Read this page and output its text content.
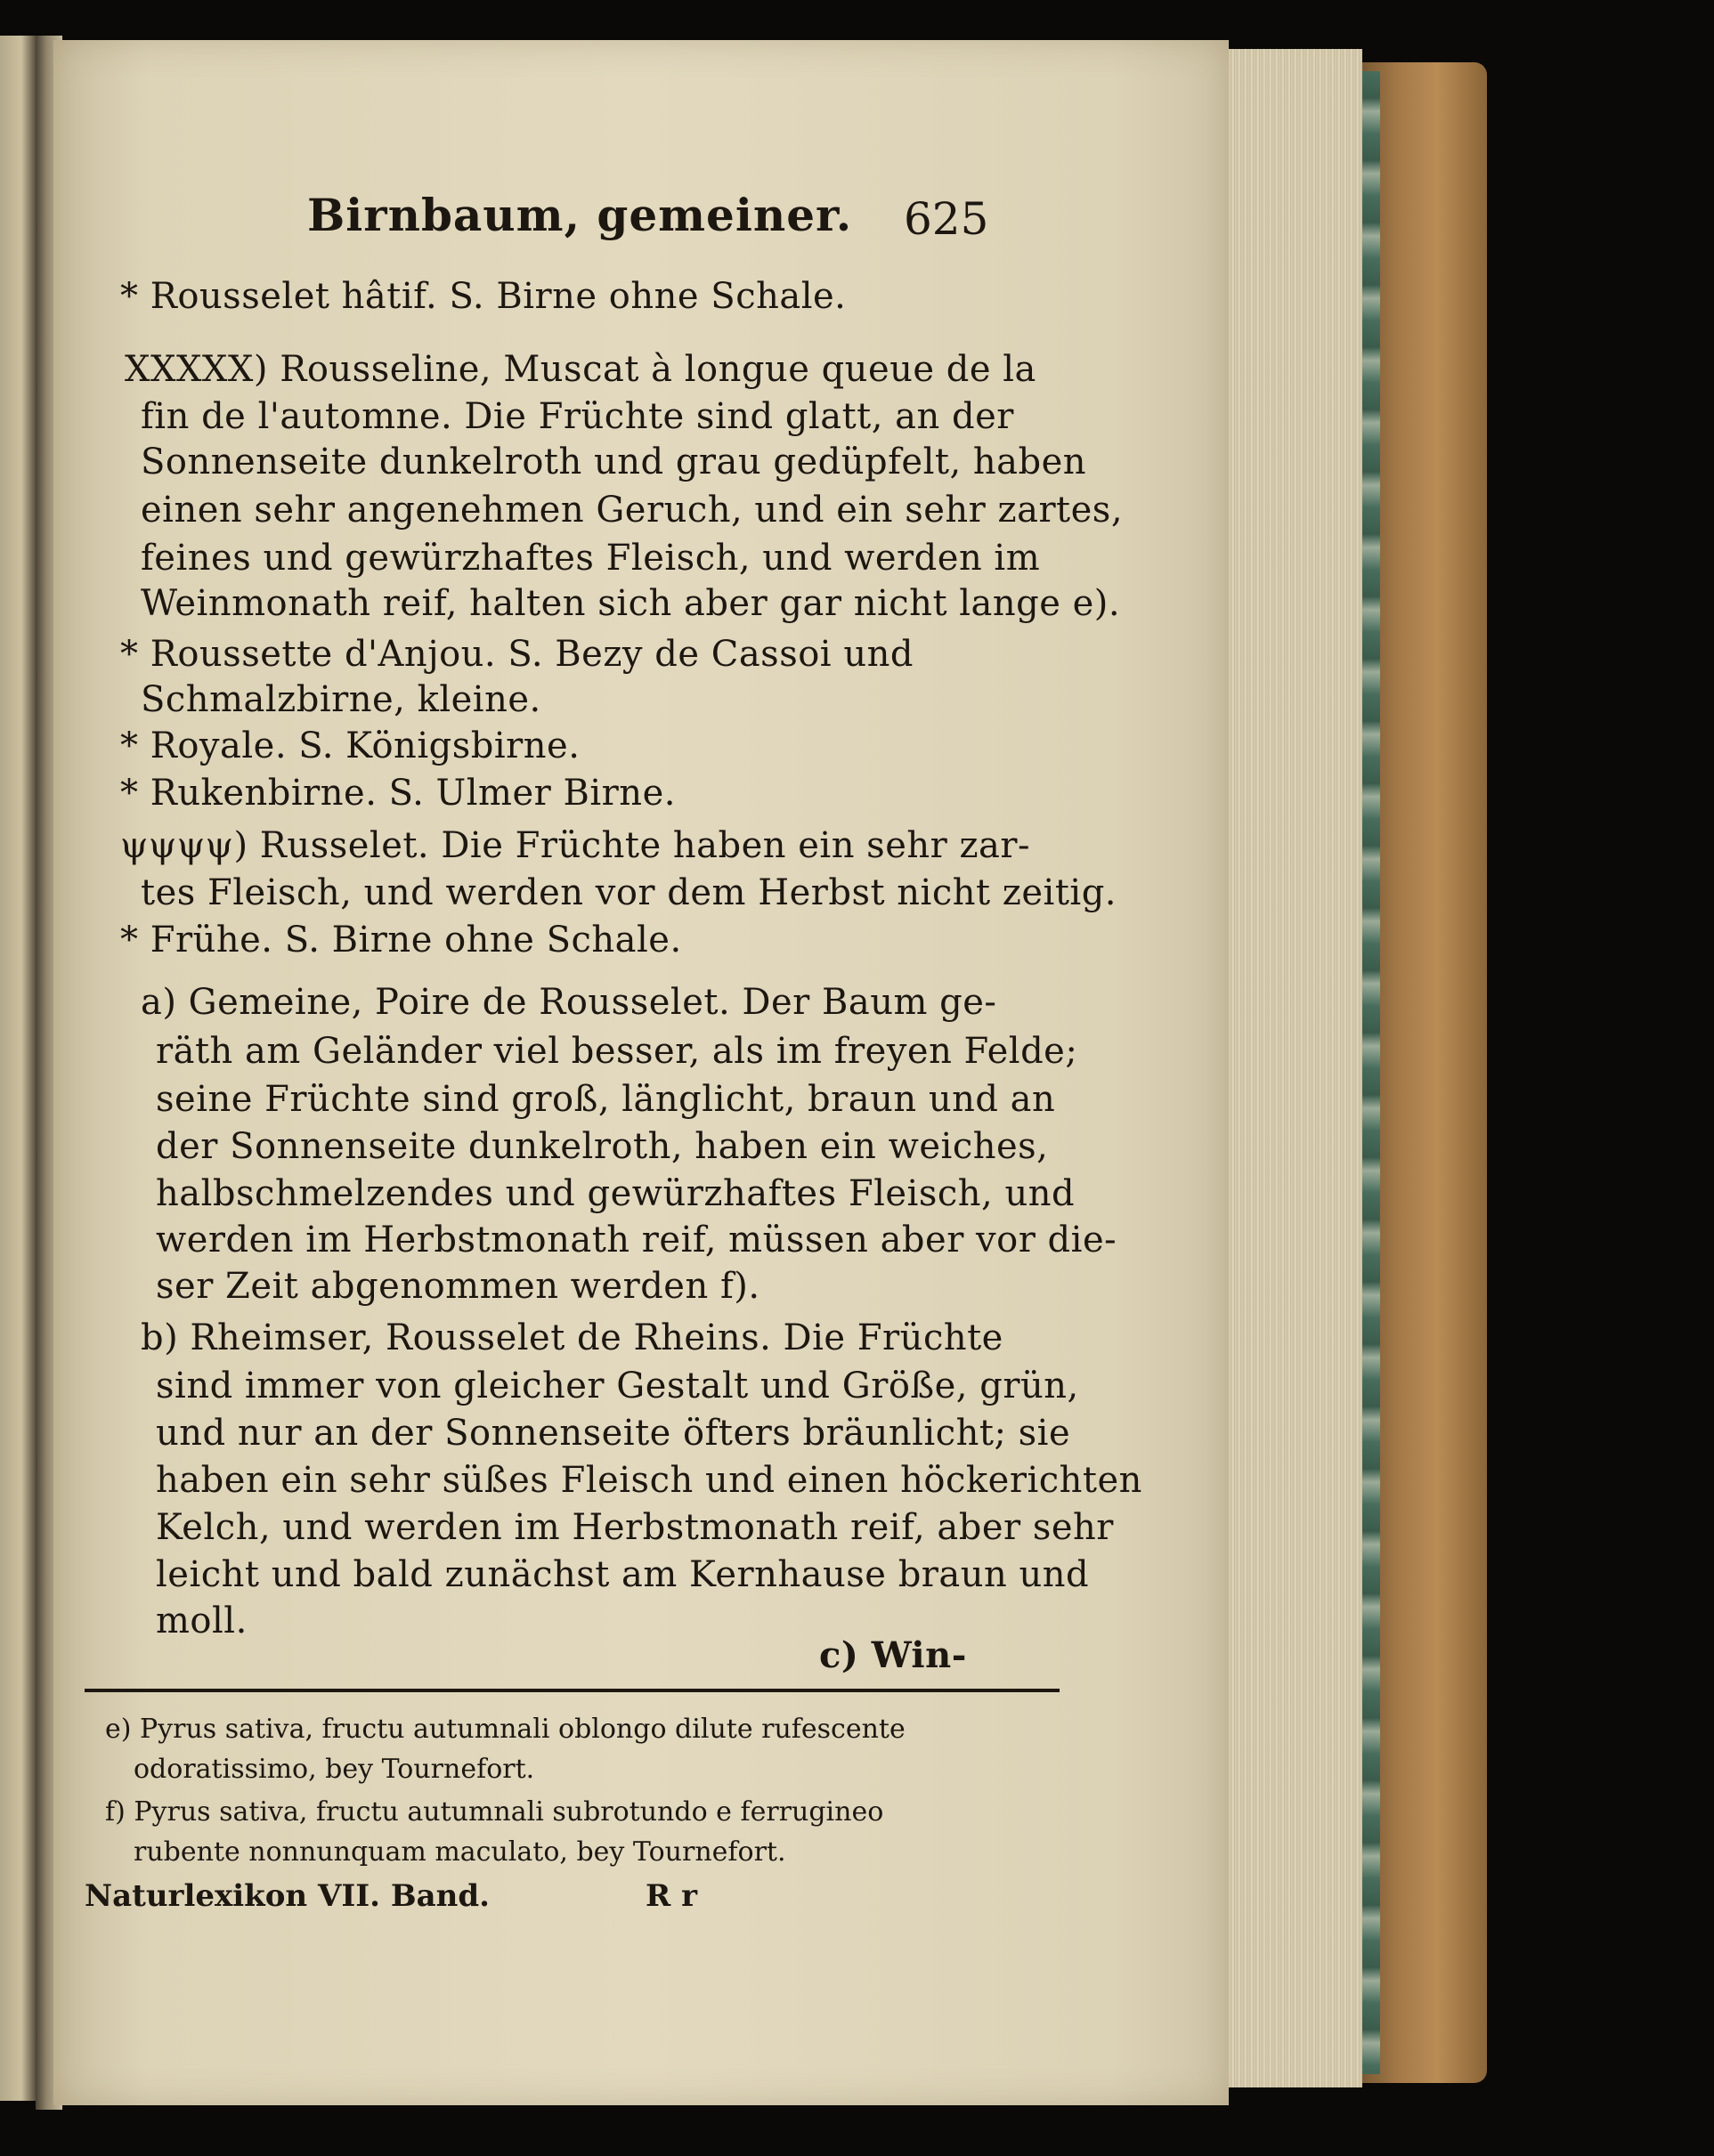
Birnbaum, gemeiner. 625
* Rousselet hâtif. S. Birne ohne Schale.
XXXXX) Rousseline, Muscat à longue queue de la
fin de l'automne. Die Früchte sind glatt, an der
Sonnenseite dunkelroth und grau gedüpfelt, haben
einen sehr angenehmen Geruch, und ein sehr zartes,
feines und gewürzhaftes Fleisch, und werden im
Weinmonath reif, halten sich aber gar nicht lange e).
* Roussette d'Anjou. S. Bezy de Cassoi und
Schmalzbirne, kleine.
* Royale. S. Königsbirne.
* Rukenbirne. S. Ulmer Birne.
ψψψψ) Russelet. Die Früchte haben ein sehr zar-
tes Fleisch, und werden vor dem Herbst nicht zeitig.
* Frühe. S. Birne ohne Schale.
a) Gemeine, Poire de Rousselet. Der Baum ge-
räth am Geländer viel besser, als im freyen Felde;
seine Früchte sind groß, länglicht, braun und an
der Sonnenseite dunkelroth, haben ein weiches,
halbschmelzendes und gewürzhaftes Fleisch, und
werden im Herbstmonath reif, müssen aber vor die-
ser Zeit abgenommen werden f).
b) Rheimser, Rousselet de Rheins. Die Früchte
sind immer von gleicher Gestalt und Größe, grün,
und nur an der Sonnenseite öfters bräunlicht; sie
haben ein sehr süßes Fleisch und einen höckerichten
Kelch, und werden im Herbstmonath reif, aber sehr
leicht und bald zunächst am Kernhause braun und
moll.
c) Win-
e) Pyrus sativa, fructu autumnali oblongo dilute rufescente
odoratissimo, bey Tournefort.
f) Pyrus sativa, fructu autumnali subrotundo e ferrugineo
rubente nonnunquam maculato, bey Tournefort.
Naturlexikon VII. Band.	R r
